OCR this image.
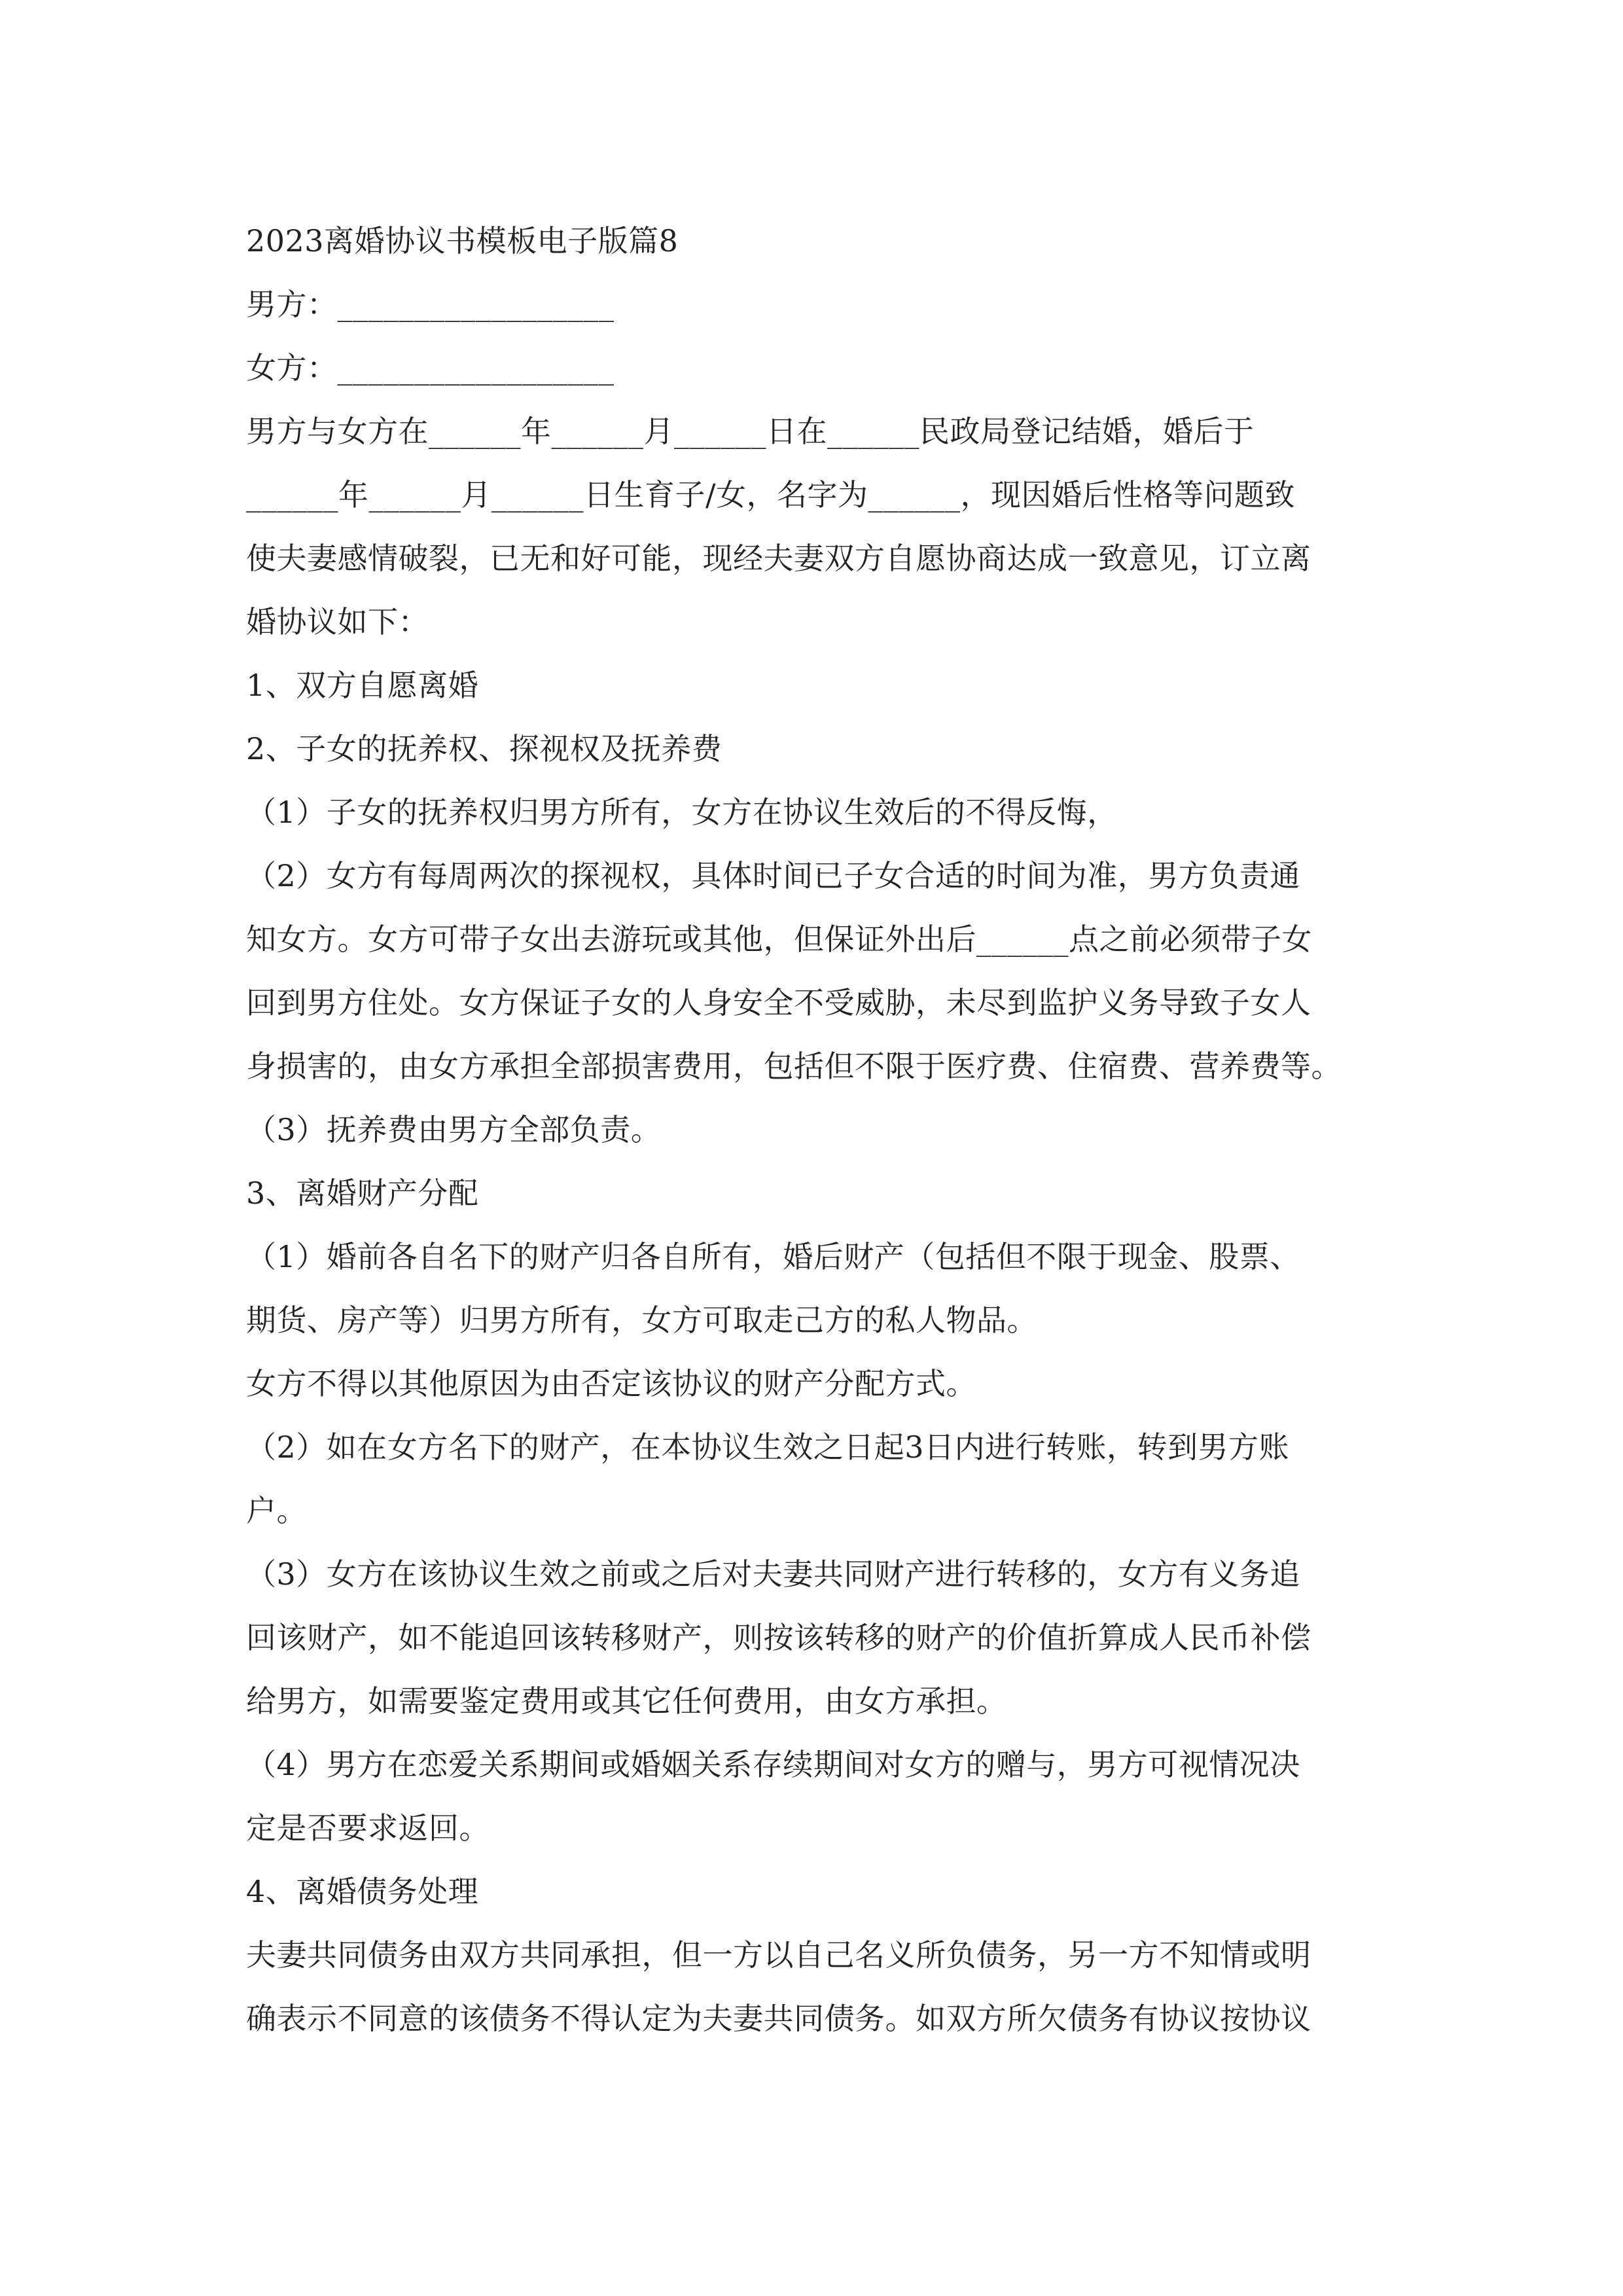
2023离婚协议书模板电子版篇8
男方：__________________
女方：__________________
男方与女方在______年______月______日在______民政局登记结婚，婚后于
______年______月______日生育子/女，名字为______，现因婚后性格等问题致
使夫妻感情破裂，已无和好可能，现经夫妻双方自愿协商达成一致意见，订立离
婚协议如下：
1、双方自愿离婚
2、子女的抚养权、探视权及抚养费
（1）子女的抚养权归男方所有，女方在协议生效后的不得反悔，
（2）女方有每周两次的探视权，具体时间已子女合适的时间为准，男方负责通
知女方。女方可带子女出去游玩或其他，但保证外出后______点之前必须带子女
回到男方住处。女方保证子女的人身安全不受威胁，未尽到监护义务导致子女人
身损害的，由女方承担全部损害费用，包括但不限于医疗费、住宿费、营养费等。
（3）抚养费由男方全部负责。
3、离婚财产分配
（1）婚前各自名下的财产归各自所有，婚后财产（包括但不限于现金、股票、
期货、房产等）归男方所有，女方可取走己方的私人物品。
女方不得以其他原因为由否定该协议的财产分配方式。
（2）如在女方名下的财产，在本协议生效之日起3日内进行转账，转到男方账
户。
（3）女方在该协议生效之前或之后对夫妻共同财产进行转移的，女方有义务追
回该财产，如不能追回该转移财产，则按该转移的财产的价值折算成人民币补偿
给男方，如需要鉴定费用或其它任何费用，由女方承担。
（4）男方在恋爱关系期间或婚姻关系存续期间对女方的赠与，男方可视情况决
定是否要求返回。
4、离婚债务处理
夫妻共同债务由双方共同承担，但一方以自己名义所负债务，另一方不知情或明
确表示不同意的该债务不得认定为夫妻共同债务。如双方所欠债务有协议按协议
